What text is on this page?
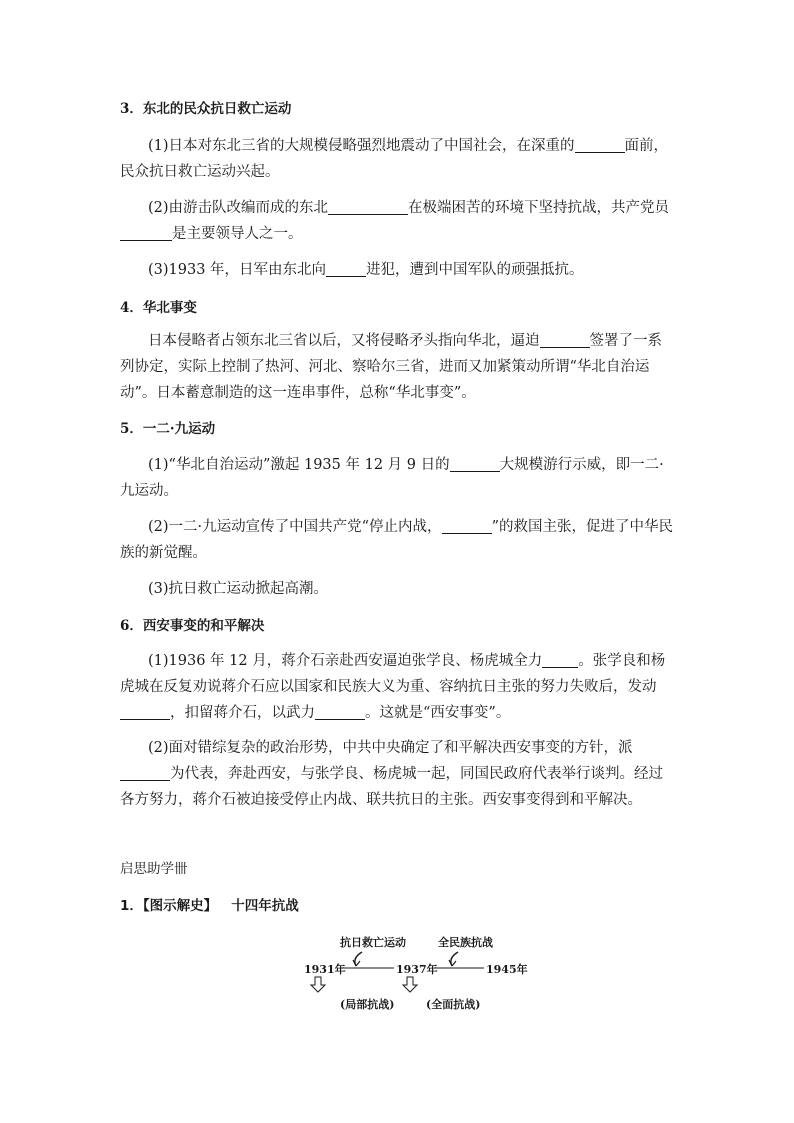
3．东北的民众抗日救亡运动
(1)日本对东北三省的大规模侵略强烈地震动了中国社会，在深重的	面前，民众抗日救亡运动兴起。
(2)由游击队改编而成的东北	在极端困苦的环境下坚持抗战，共产党员是主要领导人之一。
(3)1933 年，日军由东北向	进犯，遭到中国军队的顽强抵抗。
4．华北事变
日本侵略者占领东北三省以后，又将侵略矛头指向华北，逼迫	签署了一系列协定，实际上控制了热河、河北、察哈尔三省，进而又加紧策动所谓“华北自治运动”。日本蓄意制造的这一连串事件，总称“华北事变”。
5．一二·九运动
(1)“华北自治运动”激起 1935 年 12 月 9 日的	大规模游行示威，即一二·九运动。
(2)一二·九运动宣传了中国共产党“停止内战，	”的救国主张，促进了中华民族的新觉醒。
(3)抗日救亡运动掀起高潮。
6．西安事变的和平解决
(1)1936 年 12 月，蒋介石亲赴西安逼迫张学良、杨虎城全力 。张学良和杨虎城在反复劝说蒋介石应以国家和民族大义为重、容纳抗日主张的努力失败后，发动，扣留蒋介石，以武力	。这就是“西安事变”。
(2)面对错综复杂的政治形势，中共中央确定了和平解决西安事变的方针，派为代表，奔赴西安，与张学良、杨虎城一起，同国民政府代表举行谈判。经过各方努力，蒋介石被迫接受停止内战、联共抗日的主张。西安事变得到和平解决。
启思助学卌
1．【图示解史】 十四年抗战
抗日救亡运动	全民族抗战
1931年	1937年	1945年
(局部抗战)	(全面抗战)
